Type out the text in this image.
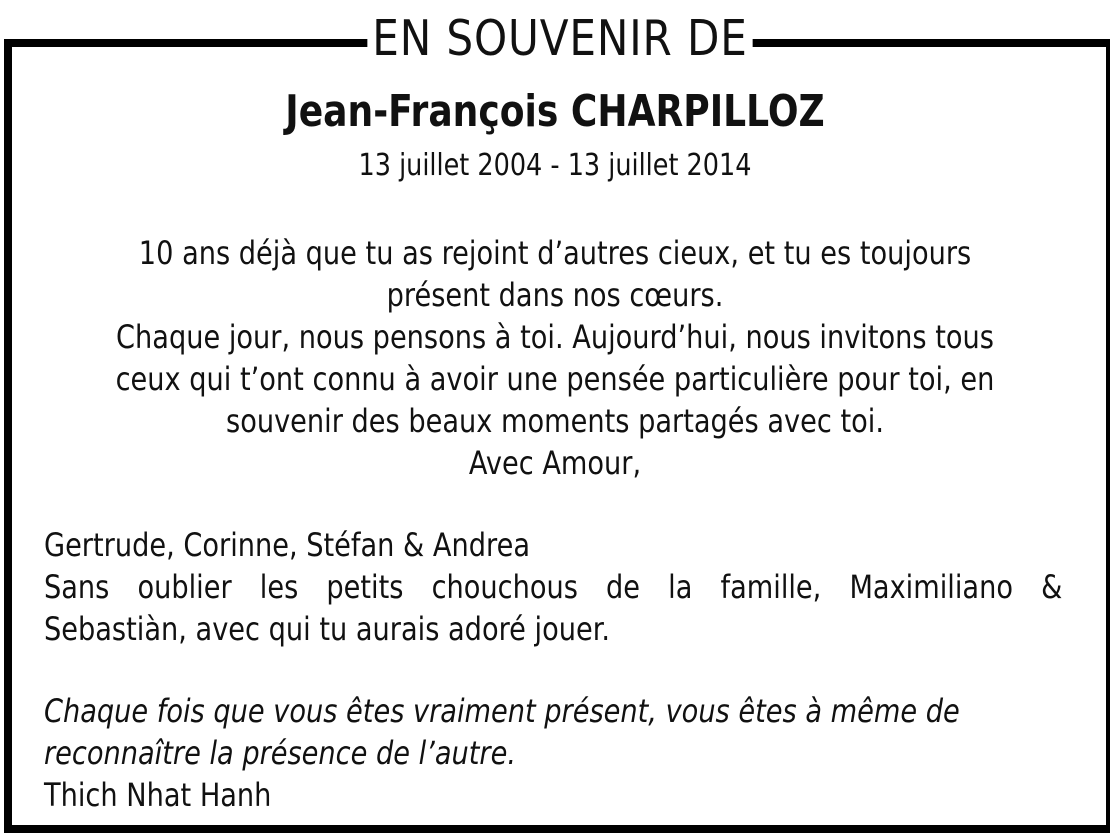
EN SOUVENIR DE
Jean-François CHARPILLOZ
13 juillet 2004 - 13 juillet 2014
10 ans déjà que tu as rejoint d’autres cieux, et tu es toujours
présent dans nos cœurs.
Chaque jour, nous pensons à toi. Aujourd’hui, nous invitons tous
ceux qui t’ont connu à avoir une pensée particulière pour toi, en
souvenir des beaux moments partagés avec toi.
Avec Amour,
Gertrude, Corinne, Stéfan & Andrea
Sans oublier les petits chouchous de la famille, Maximiliano &
Sebastiàn, avec qui tu aurais adoré jouer.
Chaque fois que vous êtes vraiment présent, vous êtes à même de
reconnaître la présence de l’autre.
Thich Nhat Hanh
